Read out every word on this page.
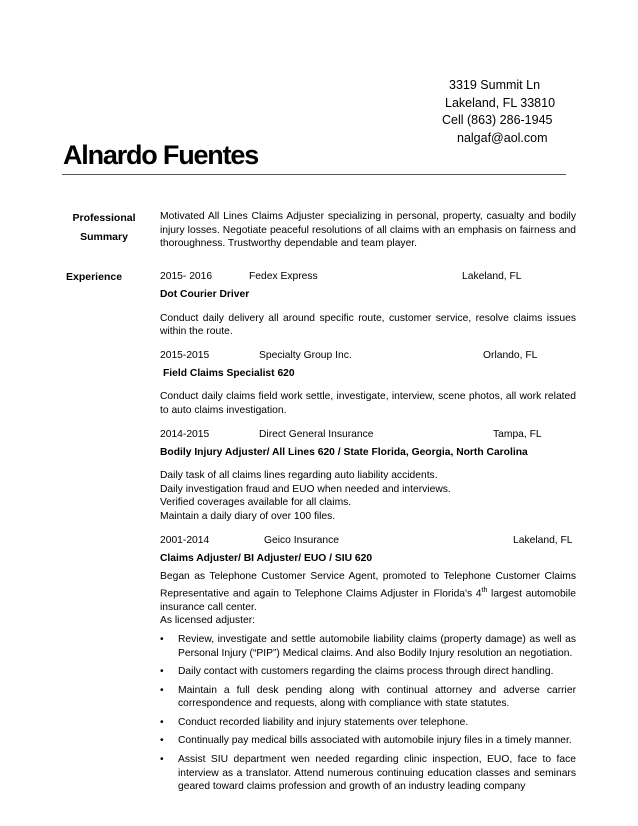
3319 Summit Ln
Lakeland, FL 33810
Cell (863) 286-1945
nalgaf@aol.com
Alnardo Fuentes
Professional
Summary
Motivated All Lines Claims Adjuster specializing in personal, property, casualty and bodily injury losses. Negotiate peaceful resolutions of all claims with an emphasis on fairness and thoroughness. Trustworthy dependable and team player.
Experience	2015- 2016	Fedex Express	Lakeland, FL
Dot Courier Driver
Conduct daily delivery all around specific route, customer service, resolve claims issues within the route.
2015-2015	Specialty Group Inc.	Orlando, FL
Field Claims Specialist 620
Conduct daily claims field work settle, investigate, interview, scene photos, all work related to auto claims investigation.
2014-2015	Direct General Insurance	Tampa, FL
Bodily Injury Adjuster/ All Lines 620 / State Florida, Georgia, North Carolina
Daily task of all claims lines regarding auto liability accidents.
Daily investigation fraud and EUO when needed and interviews.
Verified coverages available for all claims.
Maintain a daily diary of over 100 files.
2001-2014	Geico Insurance	Lakeland, FL
Claims Adjuster/ BI Adjuster/ EUO / SIU 620
Began as Telephone Customer Service Agent, promoted to Telephone Customer Claims Representative and again to Telephone Claims Adjuster in Florida's 4th largest automobile insurance call center.
As licensed adjuster:
• Review, investigate and settle automobile liability claims (property damage) as well as Personal Injury (“PIP”) Medical claims. And also Bodily Injury resolution an negotiation.
• Daily contact with customers regarding the claims process through direct handling.
• Maintain a full desk pending along with continual attorney and adverse carrier correspondence and requests, along with compliance with state statutes.
• Conduct recorded liability and injury statements over telephone.
• Continually pay medical bills associated with automobile injury files in a timely manner.
• Assist SIU department wen needed regarding clinic inspection, EUO, face to face interview as a translator. Attend numerous continuing education classes and seminars geared toward claims profession and growth of an industry leading company
